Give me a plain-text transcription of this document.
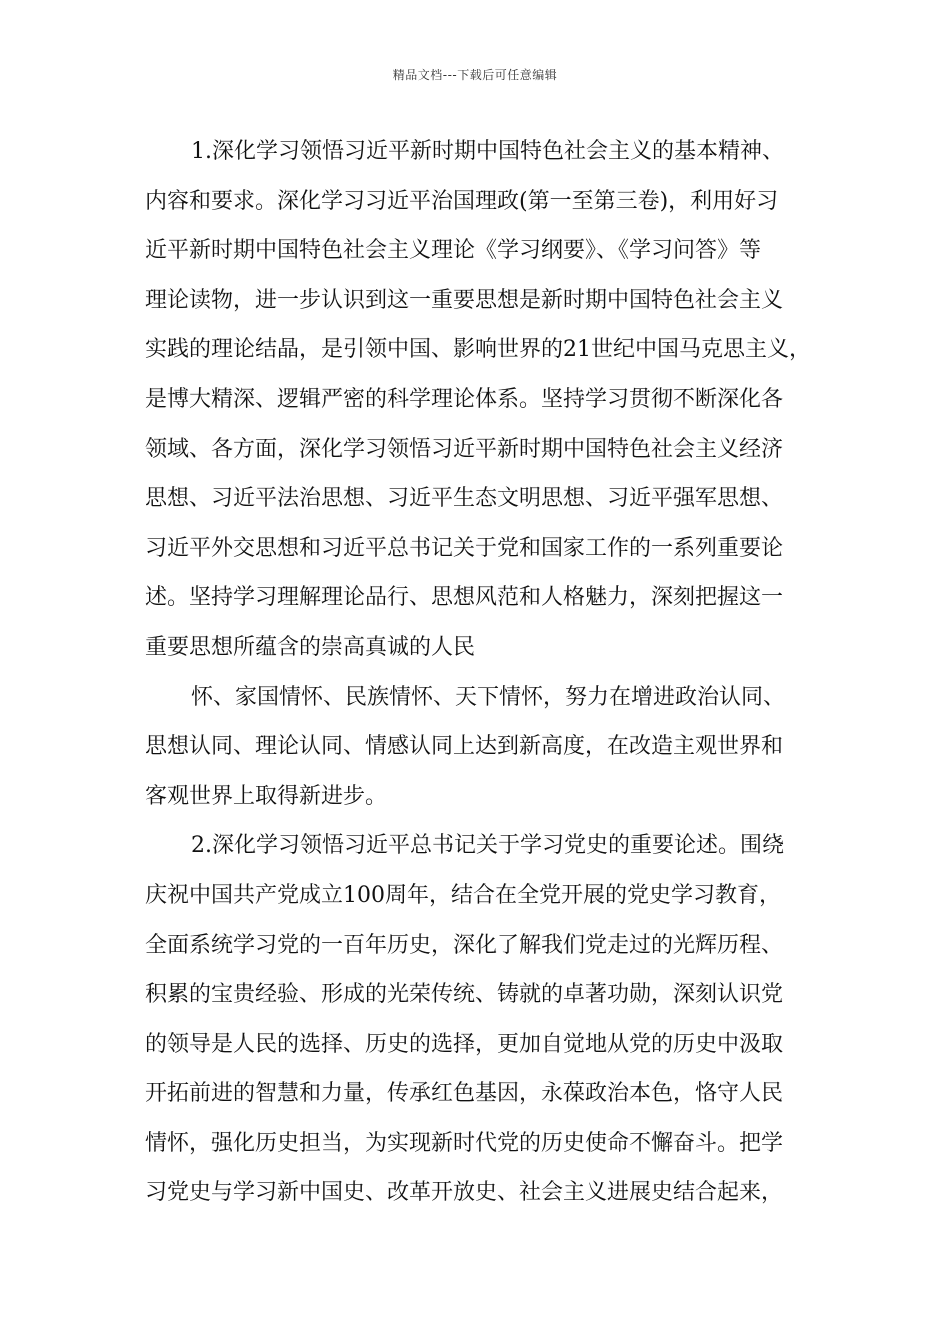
精品文档---下载后可任意编辑
1.深化学习领悟习近平新时期中国特色社会主义的基本精神、
内容和要求。深化学习习近平治国理政(第一至第三卷)，利用好习
近平新时期中国特色社会主义理论《学习纲要》、《学习问答》等
理论读物，进一步认识到这一重要思想是新时期中国特色社会主义
实践的理论结晶，是引领中国、影响世界的21世纪中国马克思主义，
是博大精深、逻辑严密的科学理论体系。坚持学习贯彻不断深化各
领域、各方面，深化学习领悟习近平新时期中国特色社会主义经济
思想、习近平法治思想、习近平生态文明思想、习近平强军思想、
习近平外交思想和习近平总书记关于党和国家工作的一系列重要论
述。坚持学习理解理论品行、思想风范和人格魅力，深刻把握这一
重要思想所蕴含的崇高真诚的人民
怀、家国情怀、民族情怀、天下情怀，努力在增进政治认同、
思想认同、理论认同、情感认同上达到新高度，在改造主观世界和
客观世界上取得新进步。
2.深化学习领悟习近平总书记关于学习党史的重要论述。围绕
庆祝中国共产党成立100周年，结合在全党开展的党史学习教育，
全面系统学习党的一百年历史，深化了解我们党走过的光辉历程、
积累的宝贵经验、形成的光荣传统、铸就的卓著功勋，深刻认识党
的领导是人民的选择、历史的选择，更加自觉地从党的历史中汲取
开拓前进的智慧和力量，传承红色基因，永葆政治本色，恪守人民
情怀，强化历史担当，为实现新时代党的历史使命不懈奋斗。把学
习党史与学习新中国史、改革开放史、社会主义进展史结合起来，
